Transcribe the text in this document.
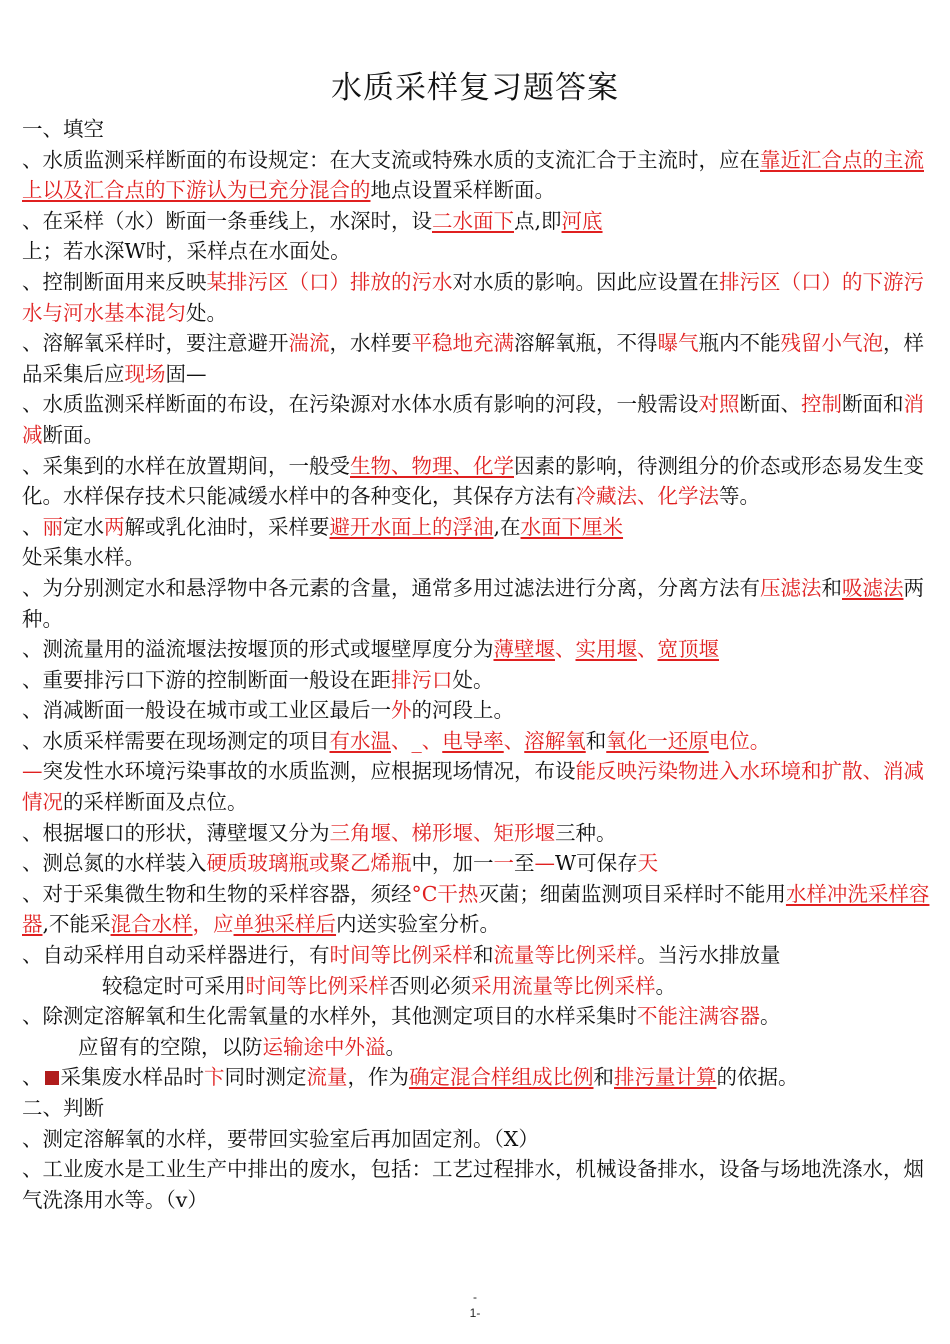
水质采样复习题答案

一、填空

、水质监测采样断面的布设规定：在大支流或特殊水质的支流汇合于主流时，应在靠近汇合点的主流上以及汇合点的下游认为已充分混合的地点设置采样断面。

、在采样（水）断面一条垂线上，水深时，设二水面下点,即河底
上；若水深W时，采样点在水面处。

、控制断面用来反映某排污区（口）排放的污水对水质的影响。因此应设置在排污区（口）的下游污水与河水基本混匀处。

、溶解氧采样时，要注意避开湍流，水样要平稳地充满溶解氧瓶，不得曝气瓶内不能残留小气泡，样品采集后应现场固—

、水质监测采样断面的布设，在污染源对水体水质有影响的河段，一般需设对照断面、控制断面和消减断面。

、采集到的水样在放置期间，一般受生物、物理、化学因素的影响，待测组分的价态或形态易发生变化。水样保存技术只能减缓水样中的各种变化，其保存方法有冷藏法、化学法等。

、丽定水两解或乳化油时，采样要避开水面上的浮油,在水面下厘米
处采集水样。

、为分别测定水和悬浮物中各元素的含量，通常多用过滤法进行分离，分离方法有压滤法和吸滤法两种。

、测流量用的溢流堰法按堰顶的形式或堰壁厚度分为薄壁堰、实用堰、宽顶堰

、重要排污口下游的控制断面一般设在距排污口处。

、消减断面一般设在城市或工业区最后一外的河段上。

、水质采样需要在现场测定的项目有水温、_、电导率、溶解氧和氧化一还原电位。

—突发性水环境污染事故的水质监测，应根据现场情况，布设能反映污染物进入水环境和扩散、消减情况的采样断面及点位。

、根据堰口的形状，薄壁堰又分为三角堰、梯形堰、矩形堰三种。

、测总氮的水样装入硬质玻璃瓶或聚乙烯瓶中，加一一至—W可保存天

、对于采集微生物和生物的采样容器，须经°C干热灭菌；细菌监测项目采样时不能用水样冲洗采样容器,不能采混合水样，应单独采样后内送实验室分析。

、自动采样用自动采样器进行，有时间等比例采样和流量等比例采样。当污水排放量

较稳定时可采用时间等比例采样否则必须采用流量等比例采样。

、除测定溶解氧和生化需氧量的水样外，其他测定项目的水样采集时不能注满容器。

应留有的空隙，以防运输途中外溢。

、 采集废水样品时卞同时测定流量，作为确定混合样组成比例和排污量计算的依据。

二、判断

、测定溶解氧的水样，要带回实验室后再加固定剂。（X）

、工业废水是工业生产中排出的废水，包括：工艺过程排水，机械设备排水，设备与场地洗涤水，烟气洗涤用水等。（v）

-
1-
